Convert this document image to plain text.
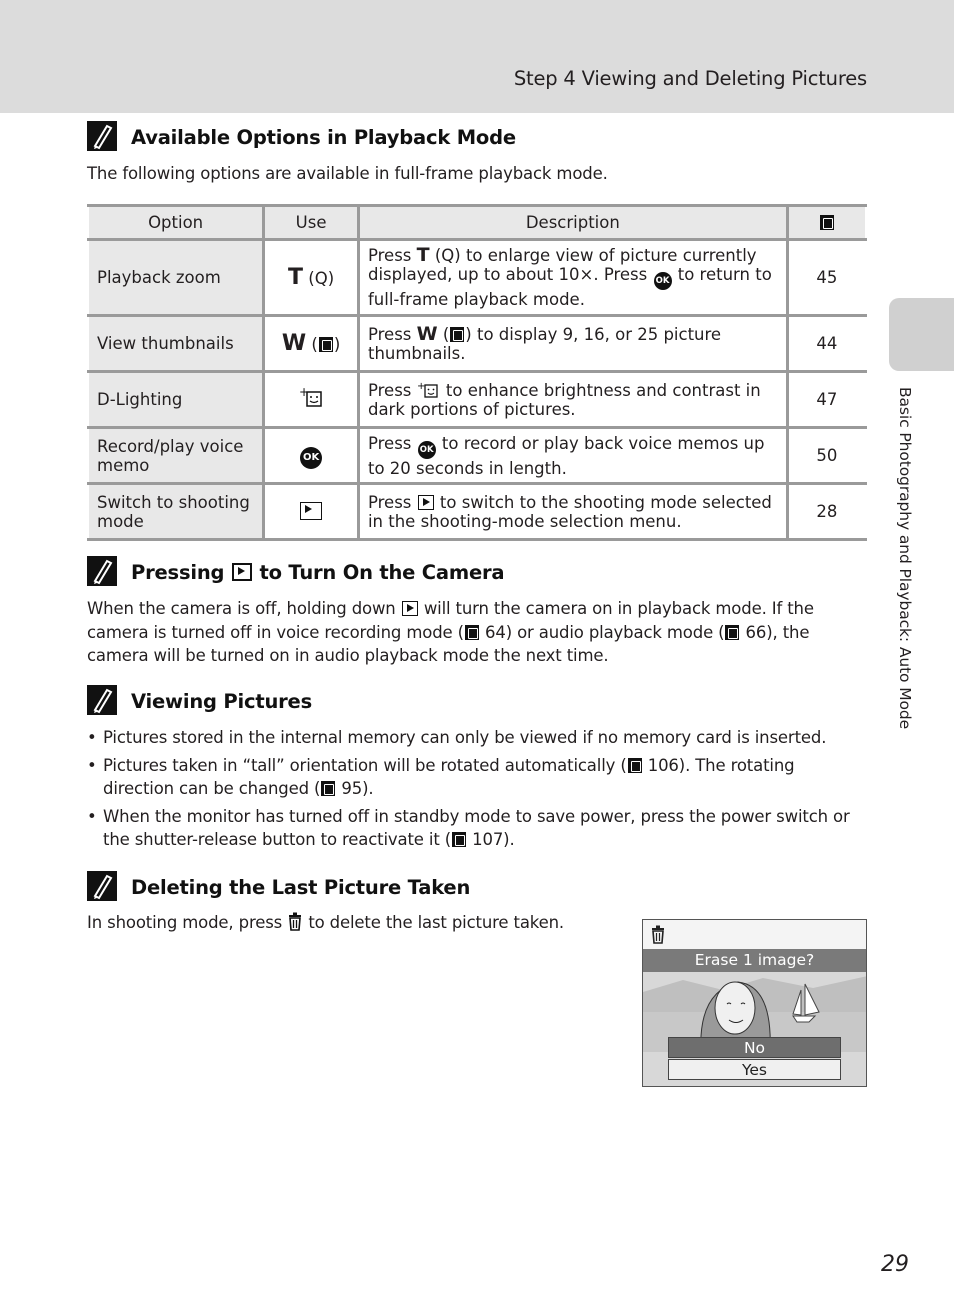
Step 4 Viewing and Deleting Pictures
Basic Photography and Playback: Auto Mode
Available Options in Playback Mode
The following options are available in full-frame playback mode.
Option	Use	Description	
Playback zoom	T (Q)	Press T (Q) to enlarge view of picture currently displayed, up to about 10×. Press OK to return to full-frame playback mode.	45
View thumbnails	W ( )	Press W ( ) to display 9, 16, or 25 picture thumbnails.	44
D-Lighting	+	Press + to enhance brightness and contrast in dark portions of pictures.	47
Record/play voice memo	OK	Press OK to record or play back voice memos up to 20 seconds in length.	50
Switch to shooting mode		Press  to switch to the shooting mode selected in the shooting-mode selection menu.	28
Pressing to Turn On the Camera
When the camera is off, holding down  will turn the camera on in playback mode. If the camera is turned off in voice recording mode ( 64) or audio playback mode ( 66), the camera will be turned on in audio playback mode the next time.
Viewing Pictures
• Pictures stored in the internal memory can only be viewed if no memory card is inserted.
• Pictures taken in “tall” orientation will be rotated automatically ( 106). The rotating direction can be changed ( 95).
• When the monitor has turned off in standby mode to save power, press the power switch or the shutter-release button to reactivate it ( 107).
Deleting the Last Picture Taken
In shooting mode, press  to delete the last picture taken.
Erase 1 image?
No
Yes
29
